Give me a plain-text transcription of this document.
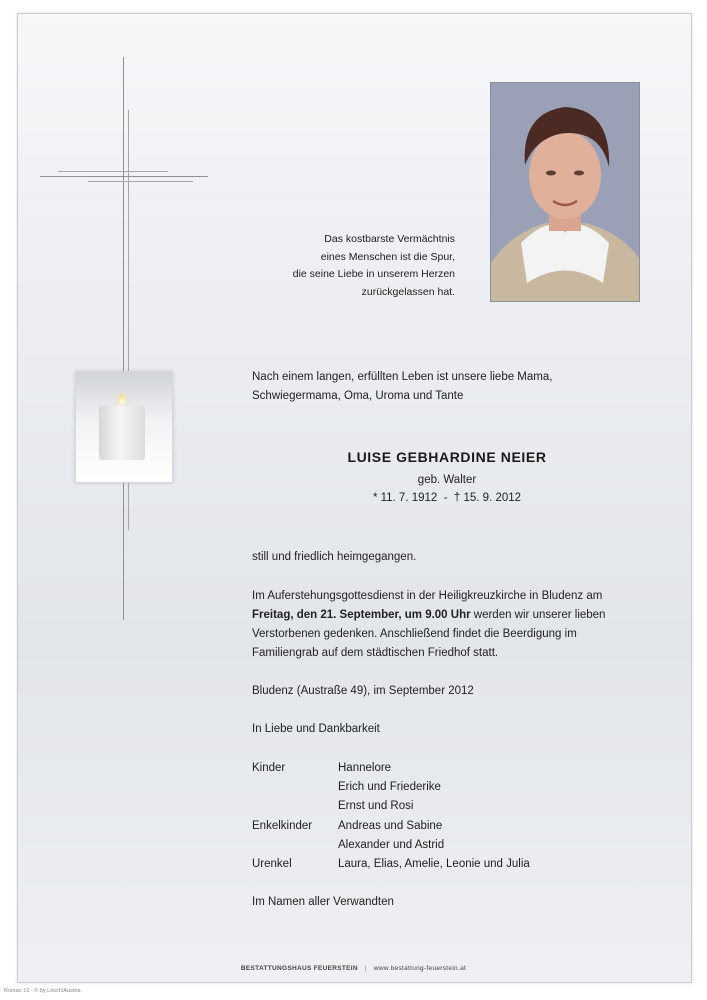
Das kostbarste Vermächtnis
eines Menschen ist die Spur,
die seine Liebe in unserem Herzen
zurückgelassen hat.
Nach einem langen, erfüllten Leben ist unsere liebe Mama,
Schwiegermama, Oma, Uroma und Tante
LUISE GEBHARDINE NEIER
geb. Walter
* 11. 7. 1912  -  † 15. 9. 2012
still und friedlich heimgegangen.
Im Auferstehungsgottesdienst in der Heiligkreuzkirche in Bludenz am
Freitag, den 21. September, um 9.00 Uhr werden wir unserer lieben
Verstorbenen gedenken. Anschließend findet die Beerdigung im
Familiengrab auf dem städtischen Friedhof statt.
Bludenz (Austraße 49), im September 2012
In Liebe und Dankbarkeit
Kinder	Hannelore
Erich und Friederike
Ernst und Rosi
Enkelkinder Andreas und Sabine
Alexander und Astrid
Urenkel	Laura, Elias, Amelie, Leonie und Julia
Im Namen aller Verwandten
BESTATTUNGSHAUS FEUERSTEIN | www.bestattung-feuerstein.at
Roman 10 - © by Lösch/Austria
